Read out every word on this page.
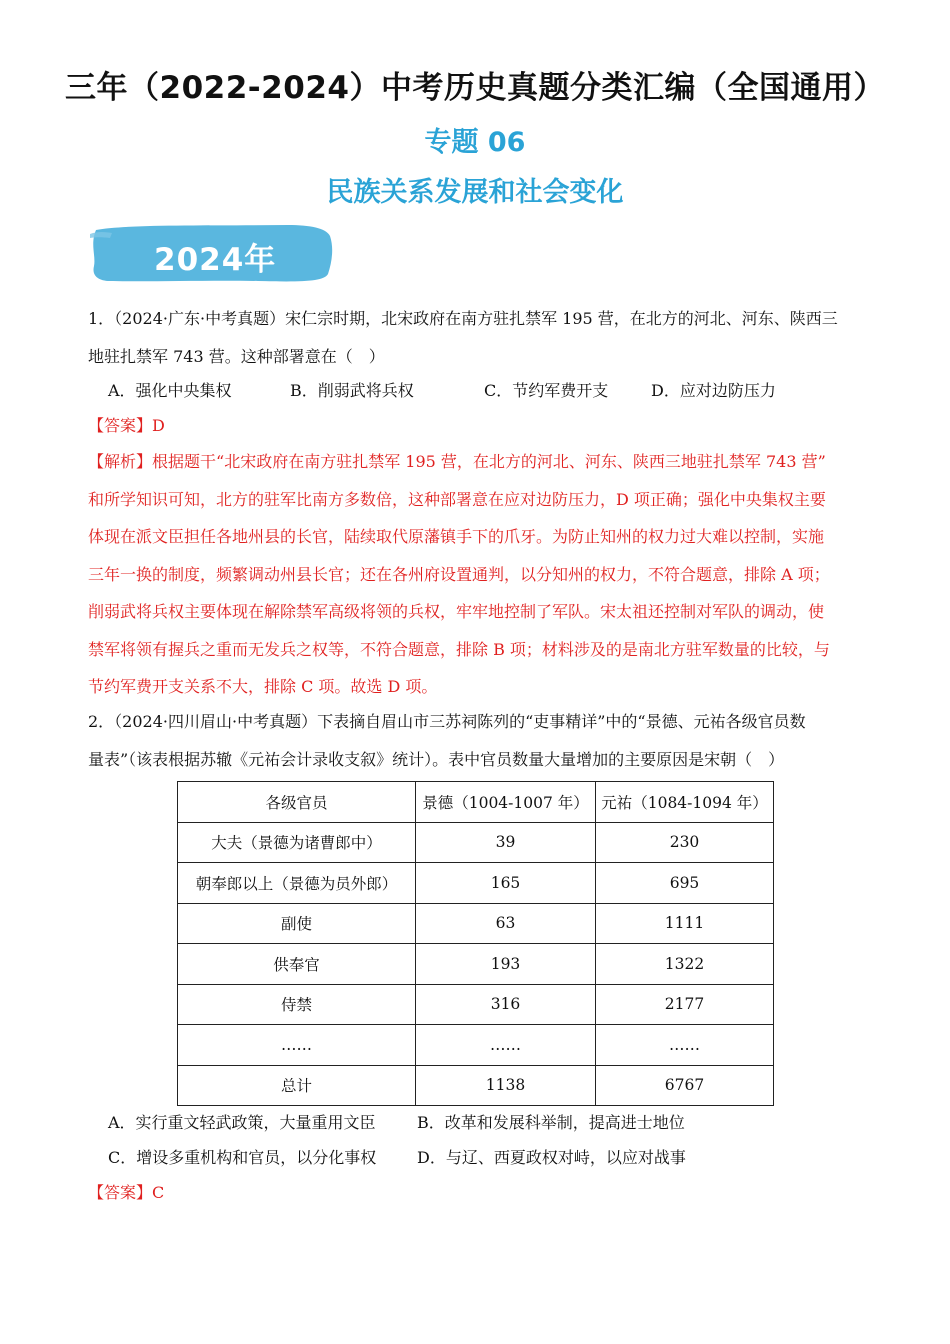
三年（2022-2024）中考历史真题分类汇编（全国通用）
专题 06
民族关系发展和社会变化
2024年
1．（2024·广东·中考真题）宋仁宗时期，北宋政府在南方驻扎禁军 195 营，在北方的河北、河东、陕西三
地驻扎禁军 743 营。这种部署意在（　）
A．强化中央集权	B．削弱武将兵权	C．节约军费开支	D．应对边防压力
【答案】D
【解析】根据题干“北宋政府在南方驻扎禁军 195 营，在北方的河北、河东、陕西三地驻扎禁军 743 营”
和所学知识可知，北方的驻军比南方多数倍，这种部署意在应对边防压力，D 项正确；强化中央集权主要
体现在派文臣担任各地州县的长官，陆续取代原藩镇手下的爪牙。为防止知州的权力过大难以控制，实施
三年一换的制度，频繁调动州县长官；还在各州府设置通判，以分知州的权力，不符合题意，排除 A 项；
削弱武将兵权主要体现在解除禁军高级将领的兵权，牢牢地控制了军队。宋太祖还控制对军队的调动，使
禁军将领有握兵之重而无发兵之权等，不符合题意，排除 B 项；材料涉及的是南北方驻军数量的比较，与
节约军费开支关系不大，排除 C 项。故选 D 项。
2．（2024·四川眉山·中考真题）下表摘自眉山市三苏祠陈列的“吏事精详”中的“景德、元祐各级官员数
量表”（该表根据苏辙《元祐会计录收支叙》统计）。表中官员数量大量增加的主要原因是宋朝（　）
各级官员	景德（1004-1007 年）	元祐（1084-1094 年）
大夫（景德为诸曹郎中）	39	230
朝奉郎以上（景德为员外郎）	165	695
副使	63	1111
供奉官	193	1322
侍禁	316	2177
……	……	……
总计	1138	6767
A．实行重文轻武政策，大量重用文臣	B．改革和发展科举制，提高进士地位
C．增设多重机构和官员，以分化事权	D．与辽、西夏政权对峙，以应对战事
【答案】C
